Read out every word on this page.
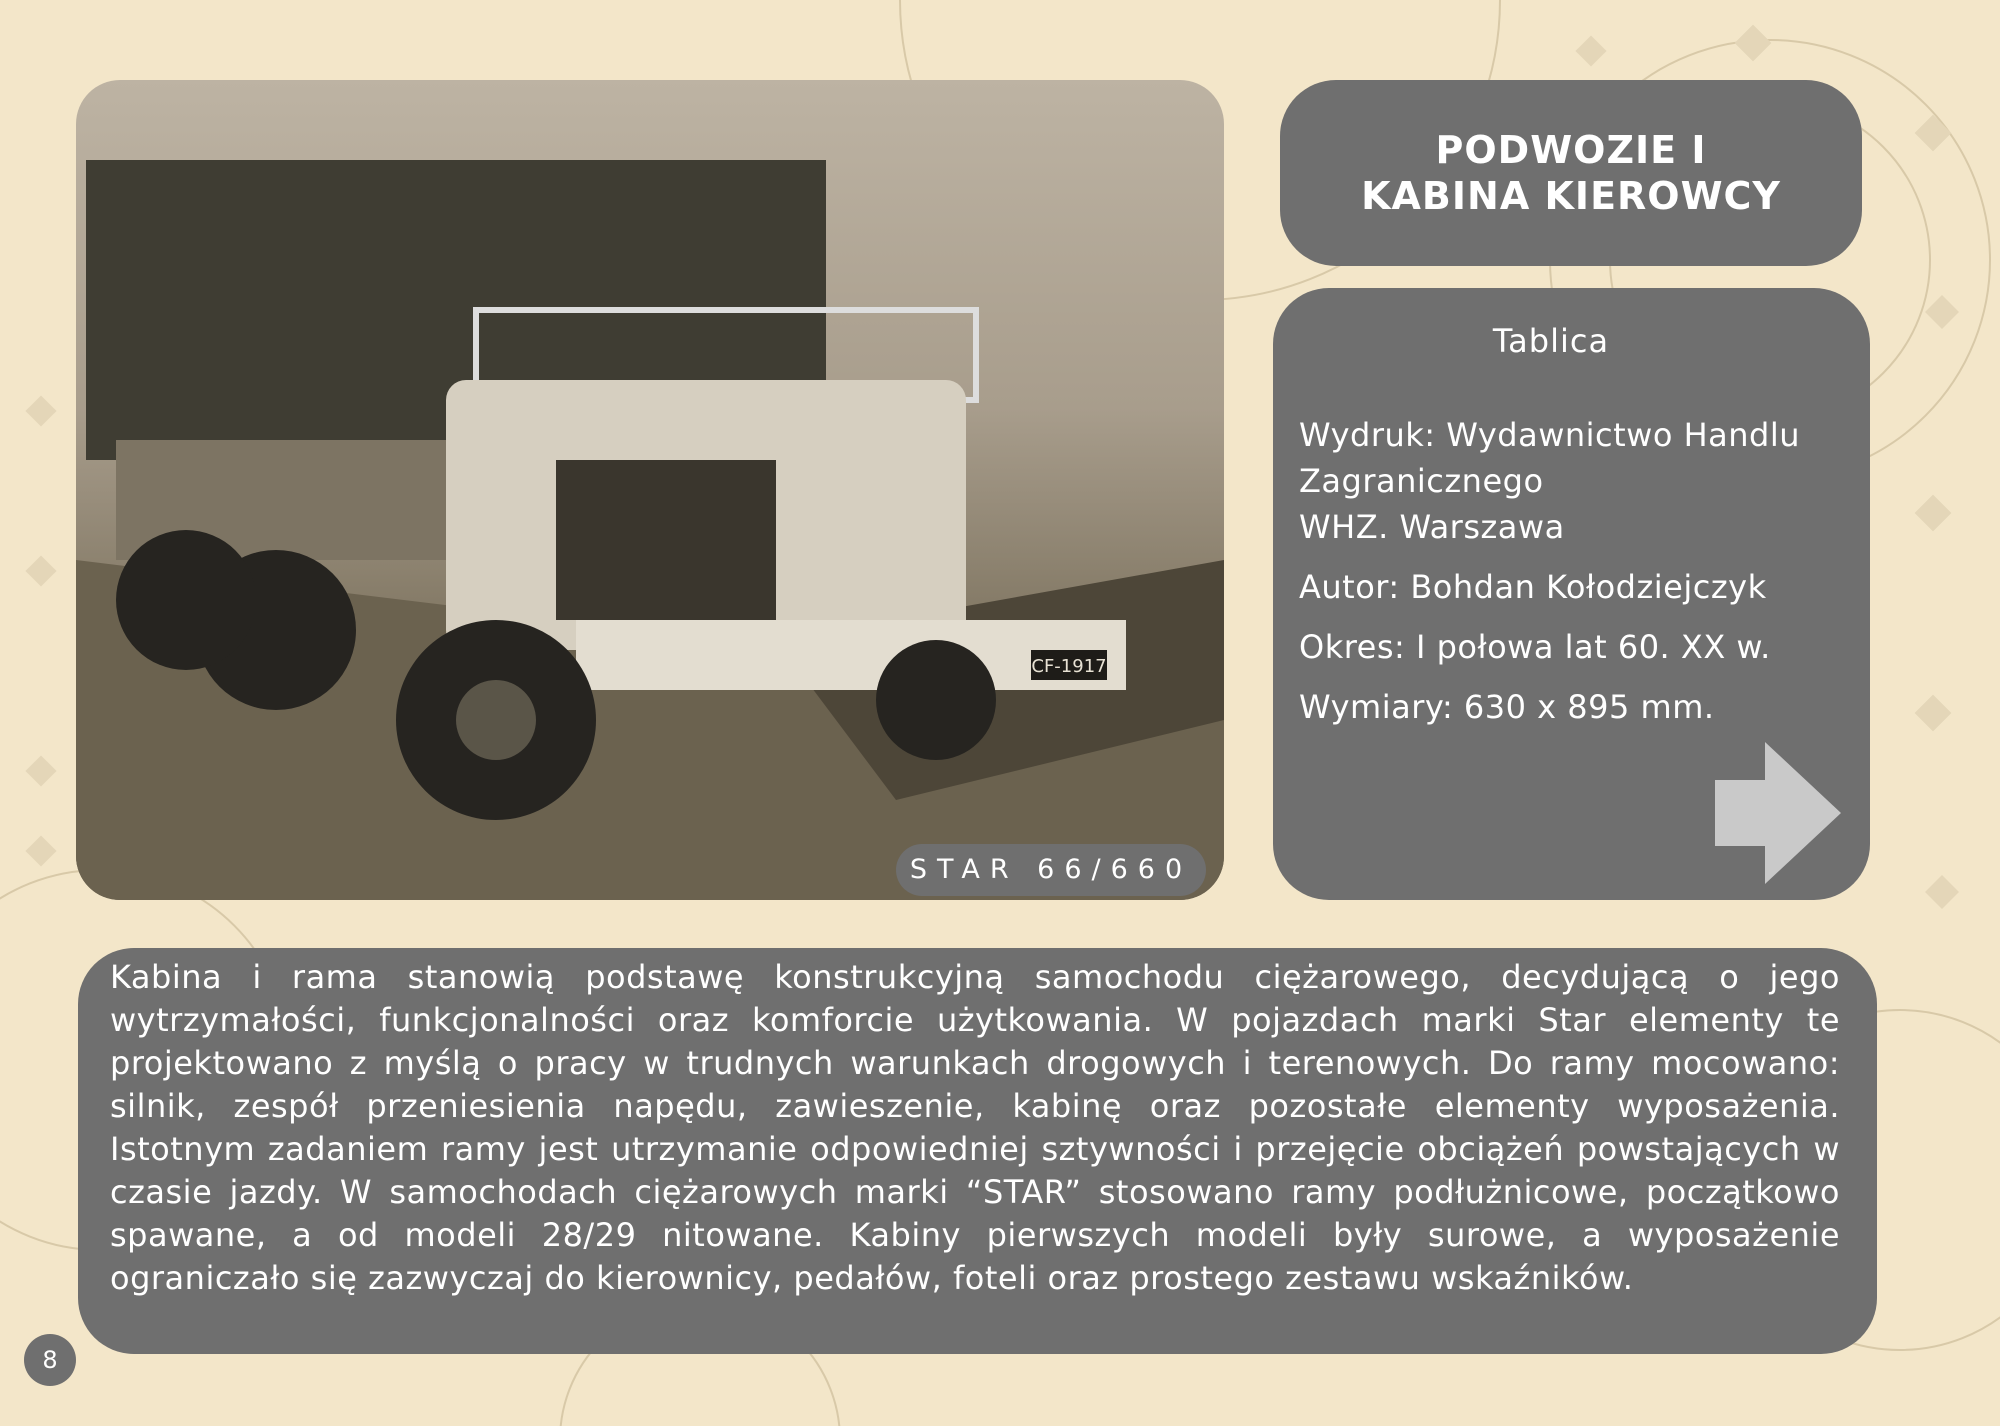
CF-1917
STAR 66/660
PODWOZIE I KABINA KIEROWCY
Tablica
Wydruk: Wydawnictwo Handlu
Zagranicznego
WHZ. Warszawa
Autor: Bohdan Kołodziejczyk
Okres: I połowa lat 60. XX w.
Wymiary: 630 x 895 mm.
Kabina i rama stanowią podstawę konstrukcyjną samochodu ciężarowego, decydującą o jego wytrzymałości, funkcjonalności oraz komforcie użytkowania. W pojazdach marki Star elementy te projektowano z myślą o pracy w trudnych warunkach drogowych i terenowych. Do ramy mocowano: silnik, zespół przeniesienia napędu, zawieszenie, kabinę oraz pozostałe elementy wyposażenia. Istotnym zadaniem ramy jest utrzymanie odpowiedniej sztywności i przejęcie obciążeń powstających w czasie jazdy. W samochodach ciężarowych marki “STAR” stosowano ramy podłużnicowe, początkowo spawane, a od modeli 28/29 nitowane. Kabiny pierwszych modeli były surowe, a wyposażenie ograniczało się zazwyczaj do kierownicy, pedałów, foteli oraz prostego zestawu wskaźników.
8
